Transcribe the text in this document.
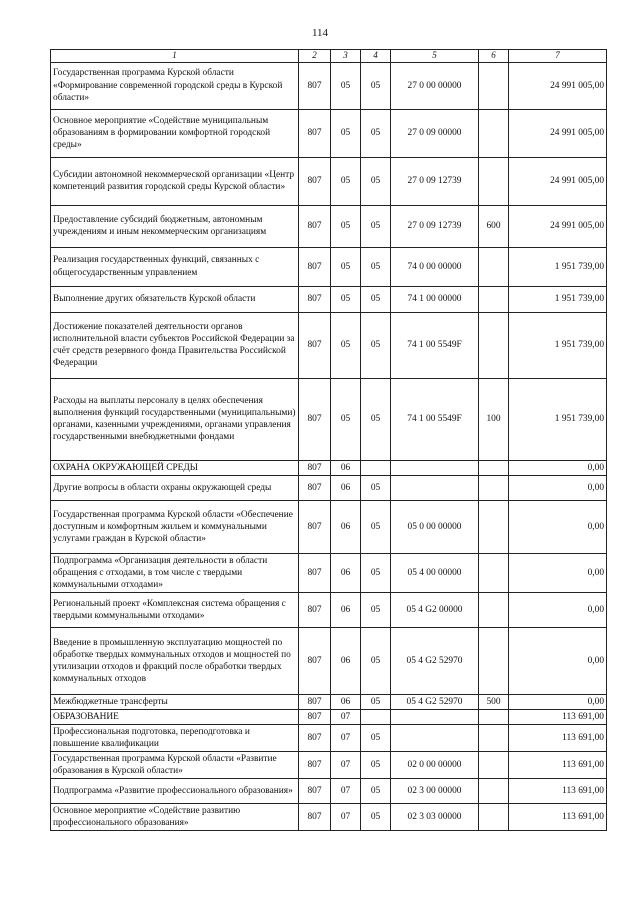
114
1	2	3	4	5	6	7
Государственная программа Курской области «Формирование современной городской среды в Курской области»	807	05	05	27 0 00 00000		24 991 005,00
Основное мероприятие «Содействие муниципальным образованиям в формировании комфортной городской среды»	807	05	05	27 0 09 00000		24 991 005,00
Субсидии автономной некоммерческой организации «Центр компетенций развития городской среды Курской области»	807	05	05	27 0 09 12739		24 991 005,00
Предоставление субсидий бюджетным, автономным учреждениям и иным некоммерческим организациям	807	05	05	27 0 09 12739	600	24 991 005,00
Реализация государственных функций, связанных с общегосударственным управлением	807	05	05	74 0 00 00000		1 951 739,00
Выполнение других обязательств Курской области	807	05	05	74 1 00 00000		1 951 739,00
Достижение показателей деятельности органов исполнительной власти субъектов Российской Федерации за счёт средств резервного фонда Правительства Российской Федерации	807	05	05	74 1 00 5549F		1 951 739,00
Расходы на выплаты персоналу в целях обеспечения выполнения функций государственными (муниципальными) органами, казенными учреждениями, органами управления государственными внебюджетными фондами	807	05	05	74 1 00 5549F	100	1 951 739,00
ОХРАНА ОКРУЖАЮЩЕЙ СРЕДЫ	807	06				0,00
Другие вопросы в области охраны окружающей среды	807	06	05			0,00
Государственная программа Курской области «Обеспечение доступным и комфортным жильем и коммунальными услугами граждан в Курской области»	807	06	05	05 0 00 00000		0,00
Подпрограмма «Организация деятельности в области обращения с отходами, в том числе с твердыми коммунальными отходами»	807	06	05	05 4 00 00000		0,00
Региональный проект «Комплексная система обращения с твердыми коммунальными отходами»	807	06	05	05 4 G2 00000		0,00
Введение в промышленную эксплуатацию мощностей по обработке твердых коммунальных отходов и мощностей по утилизации отходов и фракций после обработки твердых коммунальных отходов	807	06	05	05 4 G2 52970		0,00
Межбюджетные трансферты	807	06	05	05 4 G2 52970	500	0,00
ОБРАЗОВАНИЕ	807	07				113 691,00
Профессиональная подготовка, переподготовка и повышение квалификации	807	07	05			113 691,00
Государственная программа Курской области «Развитие образования в Курской области»	807	07	05	02 0 00 00000		113 691,00
Подпрограмма «Развитие профессионального образования»	807	07	05	02 3 00 00000		113 691,00
Основное мероприятие «Содействие развитию профессионального образования»	807	07	05	02 3 03 00000		113 691,00
